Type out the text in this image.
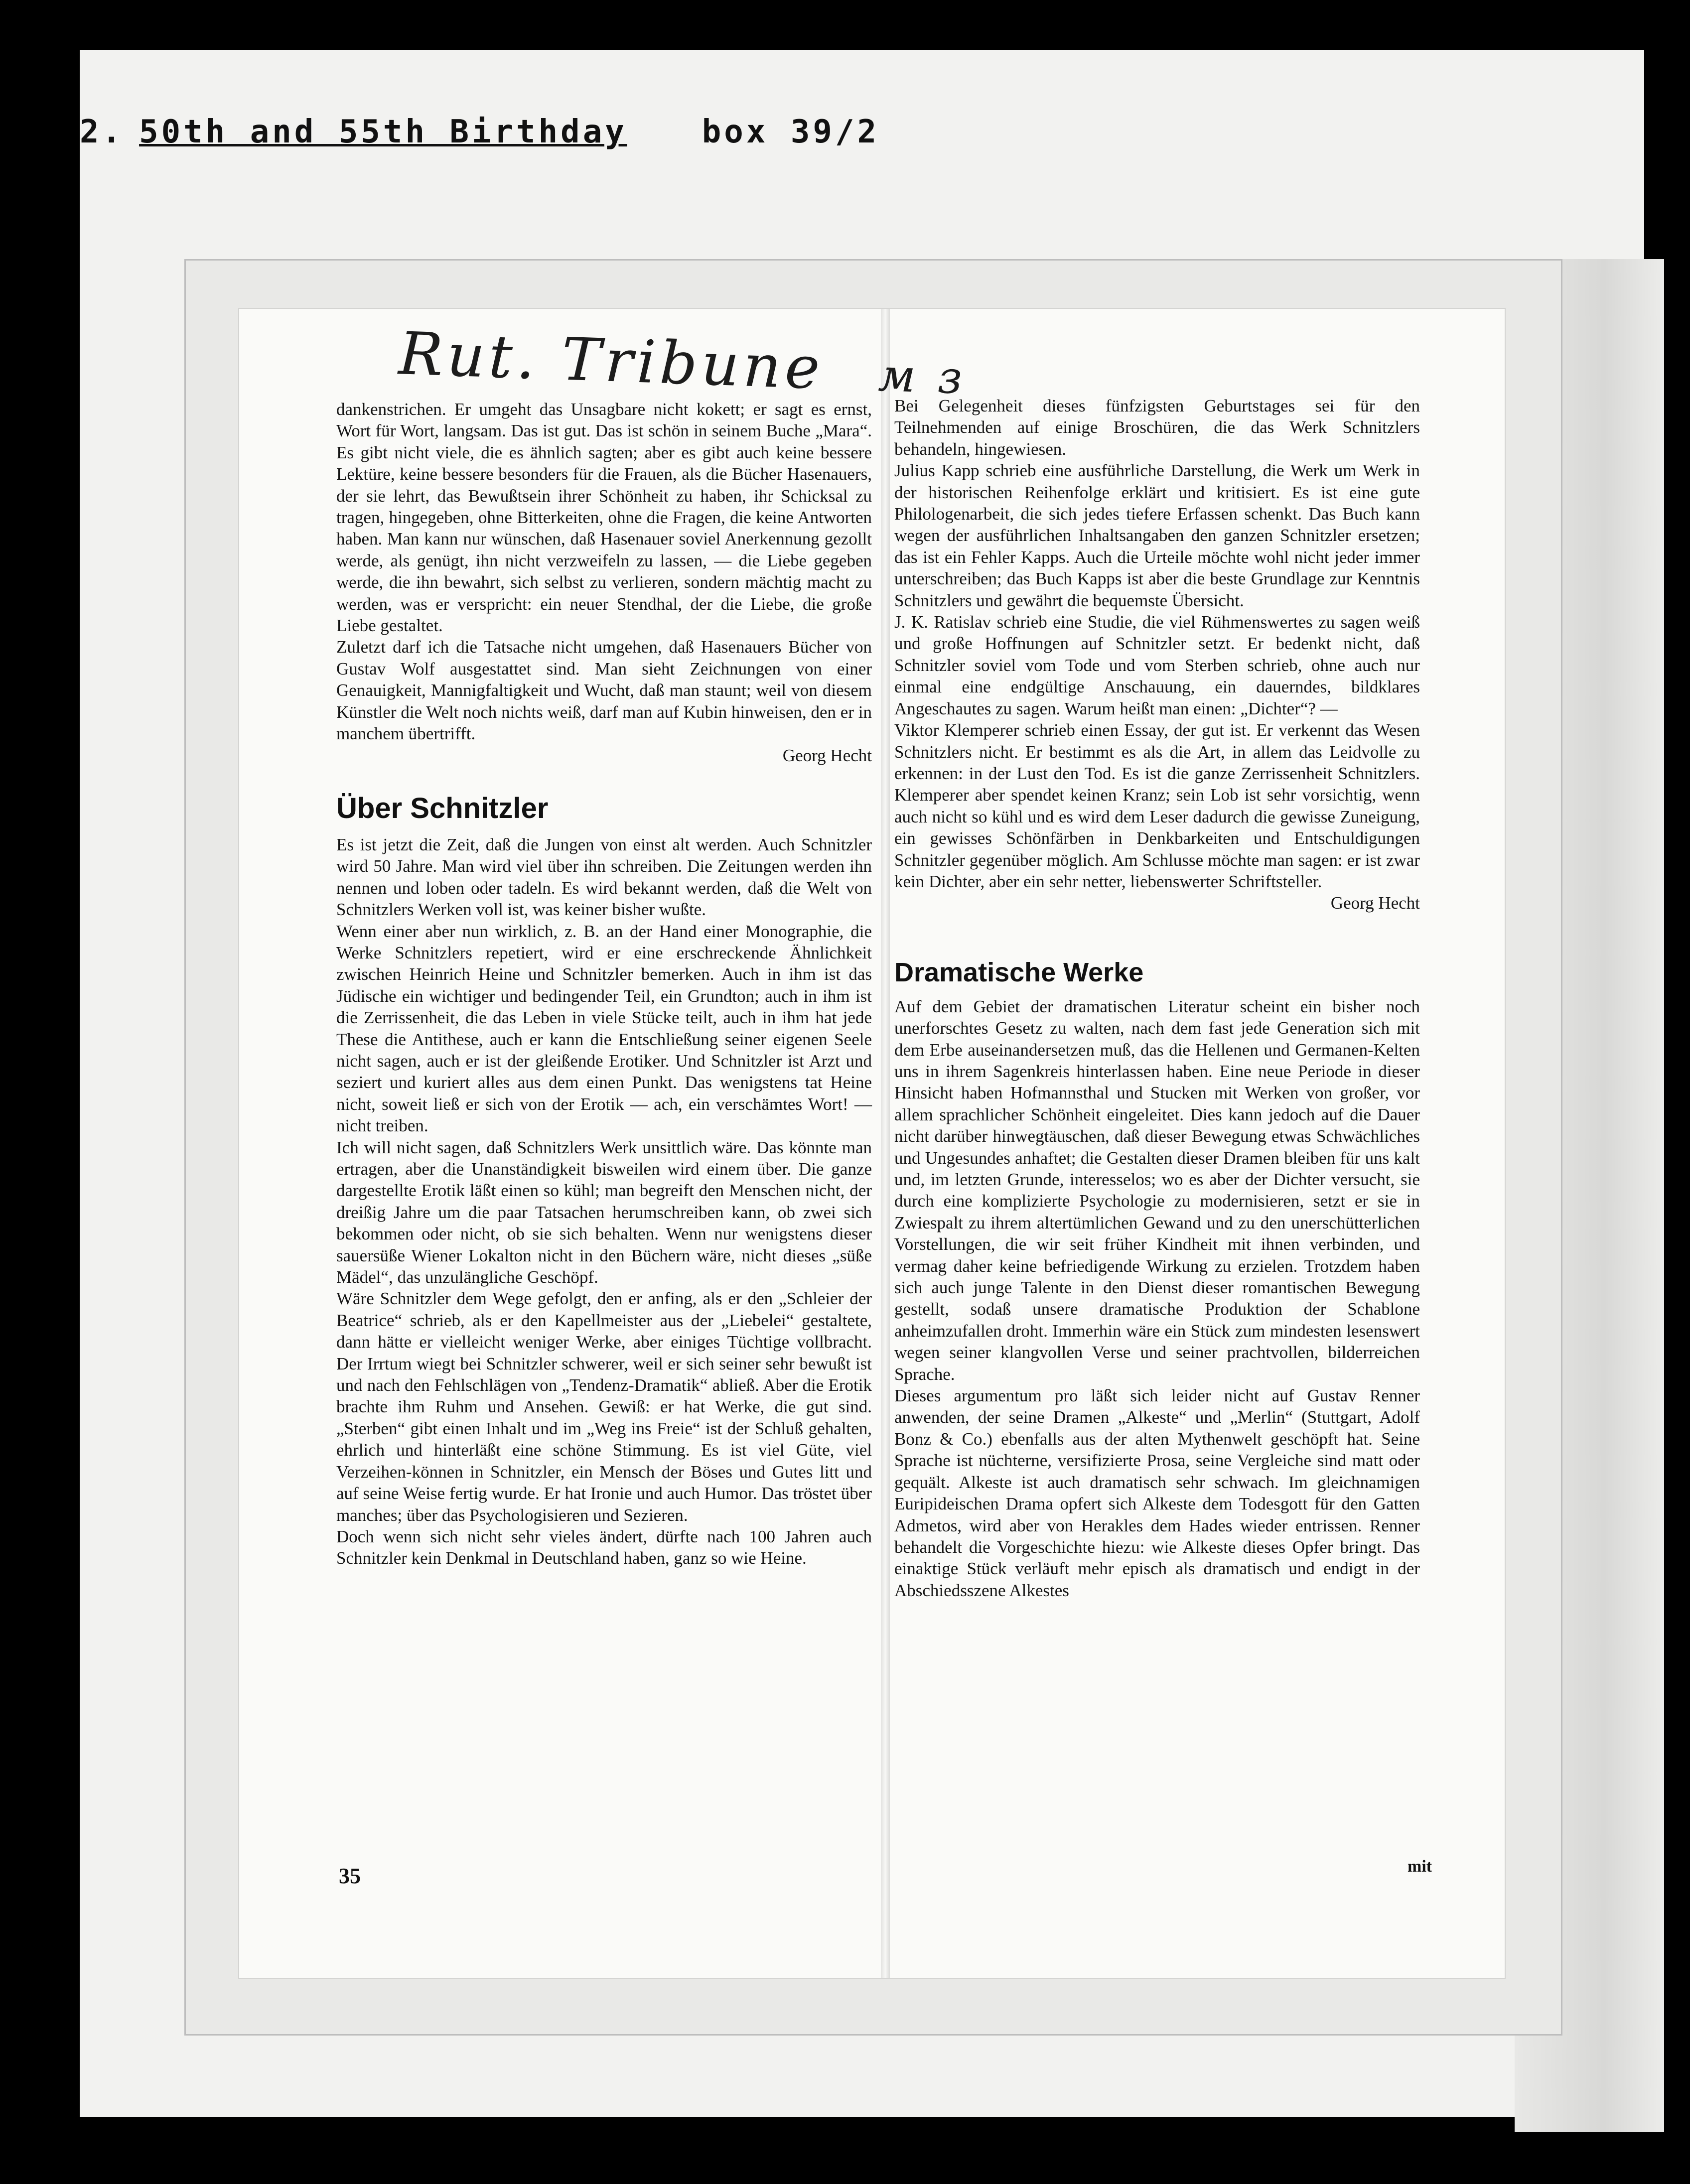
2. 50th and 55th Birthday box 39/2
Rut. Tribune м з

dankenstrichen. Er umgeht das Unsagbare nicht kokett; er sagt es ernst, Wort für Wort, langsam. Das ist gut. Das ist schön in seinem Buche „Mara“. Es gibt nicht viele, die es ähnlich sagten; aber es gibt auch keine bessere Lektüre, keine bessere besonders für die Frauen, als die Bücher Hasenauers, der sie lehrt, das Bewußtsein ihrer Schönheit zu haben, ihr Schicksal zu tragen, hingegeben, ohne Bitterkeiten, ohne die Fragen, die keine Antworten haben. Man kann nur wünschen, daß Hasenauer soviel Anerkennung gezollt werde, als genügt, ihn nicht verzweifeln zu lassen, — die Liebe gegeben werde, die ihn bewahrt, sich selbst zu verlieren, sondern mächtig macht zu werden, was er verspricht: ein neuer Stendhal, der die Liebe, die große Liebe gestaltet.

Zuletzt darf ich die Tatsache nicht umgehen, daß Hasenauers Bücher von Gustav Wolf ausgestattet sind. Man sieht Zeichnungen von einer Genauigkeit, Mannigfaltigkeit und Wucht, daß man staunt; weil von diesem Künstler die Welt noch nichts weiß, darf man auf Kubin hinweisen, den er in manchem übertrifft.

Georg Hecht

Über Schnitzler

Es ist jetzt die Zeit, daß die Jungen von einst alt werden. Auch Schnitzler wird 50 Jahre. Man wird viel über ihn schreiben. Die Zeitungen werden ihn nennen und loben oder tadeln. Es wird bekannt werden, daß die Welt von Schnitzlers Werken voll ist, was keiner bisher wußte.

Wenn einer aber nun wirklich, z. B. an der Hand einer Monographie, die Werke Schnitzlers repetiert, wird er eine erschreckende Ähnlichkeit zwischen Heinrich Heine und Schnitzler bemerken. Auch in ihm ist das Jüdische ein wichtiger und bedingender Teil, ein Grundton; auch in ihm ist die Zerrissenheit, die das Leben in viele Stücke teilt, auch in ihm hat jede These die Antithese, auch er kann die Entschließung seiner eigenen Seele nicht sagen, auch er ist der gleißende Erotiker. Und Schnitzler ist Arzt und seziert und kuriert alles aus dem einen Punkt. Das wenigstens tat Heine nicht, soweit ließ er sich von der Erotik — ach, ein verschämtes Wort! — nicht treiben.

Ich will nicht sagen, daß Schnitzlers Werk unsittlich wäre. Das könnte man ertragen, aber die Unanständigkeit bisweilen wird einem über. Die ganze dargestellte Erotik läßt einen so kühl; man begreift den Menschen nicht, der dreißig Jahre um die paar Tatsachen herumschreiben kann, ob zwei sich bekommen oder nicht, ob sie sich behalten. Wenn nur wenigstens dieser sauersüße Wiener Lokalton nicht in den Büchern wäre, nicht dieses „süße Mädel“, das unzulängliche Geschöpf.

Wäre Schnitzler dem Wege gefolgt, den er anfing, als er den „Schleier der Beatrice“ schrieb, als er den Kapellmeister aus der „Liebelei“ gestaltete, dann hätte er vielleicht weniger Werke, aber einiges Tüchtige vollbracht. Der Irrtum wiegt bei Schnitzler schwerer, weil er sich seiner sehr bewußt ist und nach den Fehlschlägen von „Tendenz-Dramatik“ abließ. Aber die Erotik brachte ihm Ruhm und Ansehen. Gewiß: er hat Werke, die gut sind. „Sterben“ gibt einen Inhalt und im „Weg ins Freie“ ist der Schluß gehalten, ehrlich und hinterläßt eine schöne Stimmung. Es ist viel Güte, viel Verzeihen-können in Schnitzler, ein Mensch der Böses und Gutes litt und auf seine Weise fertig wurde. Er hat Ironie und auch Humor. Das tröstet über manches; über das Psychologisieren und Sezieren.

Doch wenn sich nicht sehr vieles ändert, dürfte nach 100 Jahren auch Schnitzler kein Denkmal in Deutschland haben, ganz so wie Heine.

Bei Gelegenheit dieses fünfzigsten Geburtstages sei für den Teilnehmenden auf einige Broschüren, die das Werk Schnitzlers behandeln, hingewiesen.

Julius Kapp schrieb eine ausführliche Darstellung, die Werk um Werk in der historischen Reihenfolge erklärt und kritisiert. Es ist eine gute Philologenarbeit, die sich jedes tiefere Erfassen schenkt. Das Buch kann wegen der ausführlichen Inhaltsangaben den ganzen Schnitzler ersetzen; das ist ein Fehler Kapps. Auch die Urteile möchte wohl nicht jeder immer unterschreiben; das Buch Kapps ist aber die beste Grundlage zur Kenntnis Schnitzlers und gewährt die bequemste Übersicht.

J. K. Ratislav schrieb eine Studie, die viel Rühmenswertes zu sagen weiß und große Hoffnungen auf Schnitzler setzt. Er bedenkt nicht, daß Schnitzler soviel vom Tode und vom Sterben schrieb, ohne auch nur einmal eine endgültige Anschauung, ein dauerndes, bildklares Angeschautes zu sagen. Warum heißt man einen: „Dichter“? —

Viktor Klemperer schrieb einen Essay, der gut ist. Er verkennt das Wesen Schnitzlers nicht. Er bestimmt es als die Art, in allem das Leidvolle zu erkennen: in der Lust den Tod. Es ist die ganze Zerrissenheit Schnitzlers. Klemperer aber spendet keinen Kranz; sein Lob ist sehr vorsichtig, wenn auch nicht so kühl und es wird dem Leser dadurch die gewisse Zuneigung, ein gewisses Schönfärben in Denkbarkeiten und Entschuldigungen Schnitzler gegenüber möglich. Am Schlusse möchte man sagen: er ist zwar kein Dichter, aber ein sehr netter, liebenswerter Schriftsteller.

Georg Hecht

Dramatische Werke

Auf dem Gebiet der dramatischen Literatur scheint ein bisher noch unerforschtes Gesetz zu walten, nach dem fast jede Generation sich mit dem Erbe auseinandersetzen muß, das die Hellenen und Germanen-Kelten uns in ihrem Sagenkreis hinterlassen haben. Eine neue Periode in dieser Hinsicht haben Hofmannsthal und Stucken mit Werken von großer, vor allem sprachlicher Schönheit eingeleitet. Dies kann jedoch auf die Dauer nicht darüber hinwegtäuschen, daß dieser Bewegung etwas Schwächliches und Ungesundes anhaftet; die Gestalten dieser Dramen bleiben für uns kalt und, im letzten Grunde, interesselos; wo es aber der Dichter versucht, sie durch eine komplizierte Psychologie zu modernisieren, setzt er sie in Zwiespalt zu ihrem altertümlichen Gewand und zu den unerschütterlichen Vorstellungen, die wir seit früher Kindheit mit ihnen verbinden, und vermag daher keine befriedigende Wirkung zu erzielen. Trotzdem haben sich auch junge Talente in den Dienst dieser romantischen Bewegung gestellt, sodaß unsere dramatische Produktion der Schablone anheimzufallen droht. Immerhin wäre ein Stück zum mindesten lesenswert wegen seiner klangvollen Verse und seiner prachtvollen, bilderreichen Sprache.

Dieses argumentum pro läßt sich leider nicht auf Gustav Renner anwenden, der seine Dramen „Alkeste“ und „Merlin“ (Stuttgart, Adolf Bonz & Co.) ebenfalls aus der alten Mythenwelt geschöpft hat. Seine Sprache ist nüchterne, versifizierte Prosa, seine Vergleiche sind matt oder gequält. Alkeste ist auch dramatisch sehr schwach. Im gleichnamigen Euripideischen Drama opfert sich Alkeste dem Todesgott für den Gatten Admetos, wird aber von Herakles dem Hades wieder entrissen. Renner behandelt die Vorgeschichte hiezu: wie Alkeste dieses Opfer bringt. Das einaktige Stück verläuft mehr episch als dramatisch und endigt in der Abschiedsszene Alkestes

35	mit
